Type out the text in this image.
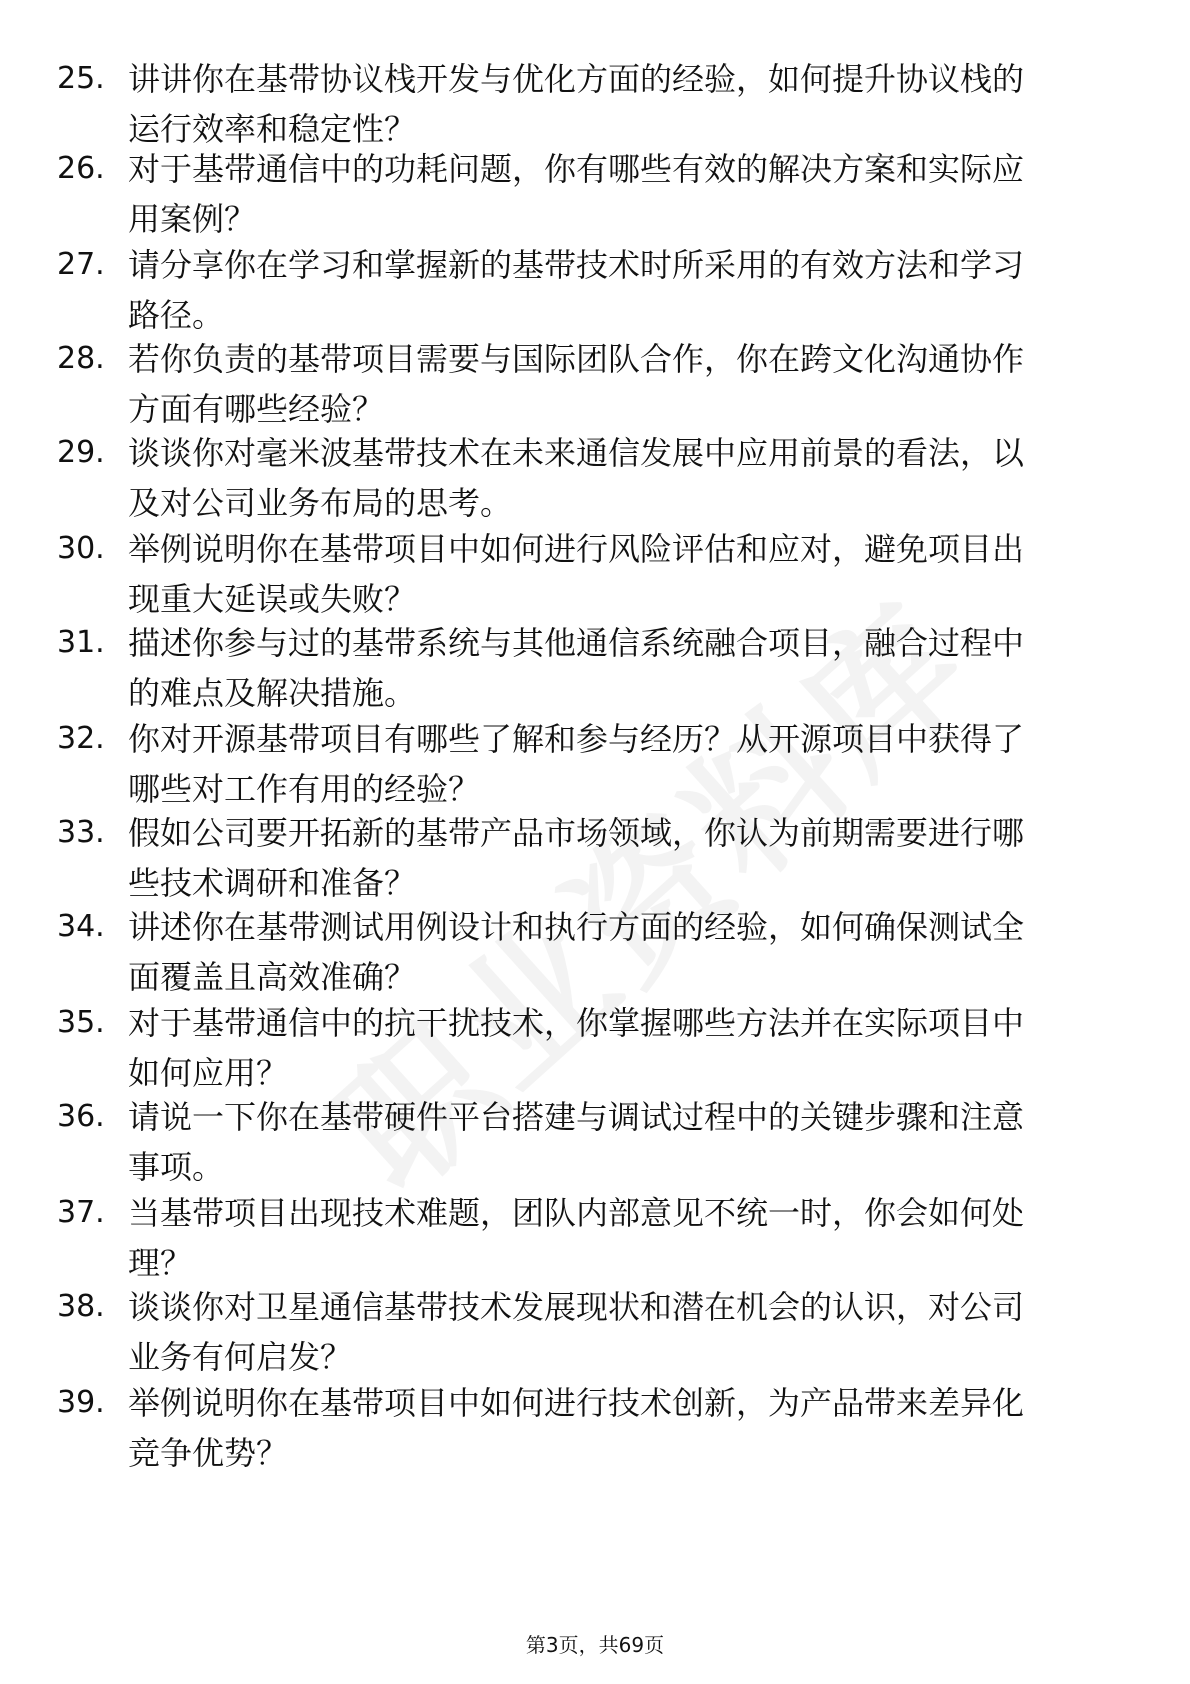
25. 讲讲你在基带协议栈开发与优化方面的经验，如何提升协议栈的
运行效率和稳定性？
26. 对于基带通信中的功耗问题，你有哪些有效的解决方案和实际应
用案例？
27. 请分享你在学习和掌握新的基带技术时所采用的有效方法和学习
路径。
28. 若你负责的基带项目需要与国际团队合作，你在跨文化沟通协作
方面有哪些经验？
29. 谈谈你对毫米波基带技术在未来通信发展中应用前景的看法，以
及对公司业务布局的思考。
30. 举例说明你在基带项目中如何进行风险评估和应对，避免项目出
现重大延误或失败？
31. 描述你参与过的基带系统与其他通信系统融合项目，融合过程中
的难点及解决措施。
32. 你对开源基带项目有哪些了解和参与经历？从开源项目中获得了
哪些对工作有用的经验？
33. 假如公司要开拓新的基带产品市场领域，你认为前期需要进行哪
些技术调研和准备？
34. 讲述你在基带测试用例设计和执行方面的经验，如何确保测试全
面覆盖且高效准确？
35. 对于基带通信中的抗干扰技术，你掌握哪些方法并在实际项目中
如何应用？
36. 请说一下你在基带硬件平台搭建与调试过程中的关键步骤和注意
事项。
37. 当基带项目出现技术难题，团队内部意见不统一时，你会如何处
理？
38. 谈谈你对卫星通信基带技术发展现状和潜在机会的认识，对公司
业务有何启发？
39. 举例说明你在基带项目中如何进行技术创新，为产品带来差异化
竞争优势？
第3页，共69页
